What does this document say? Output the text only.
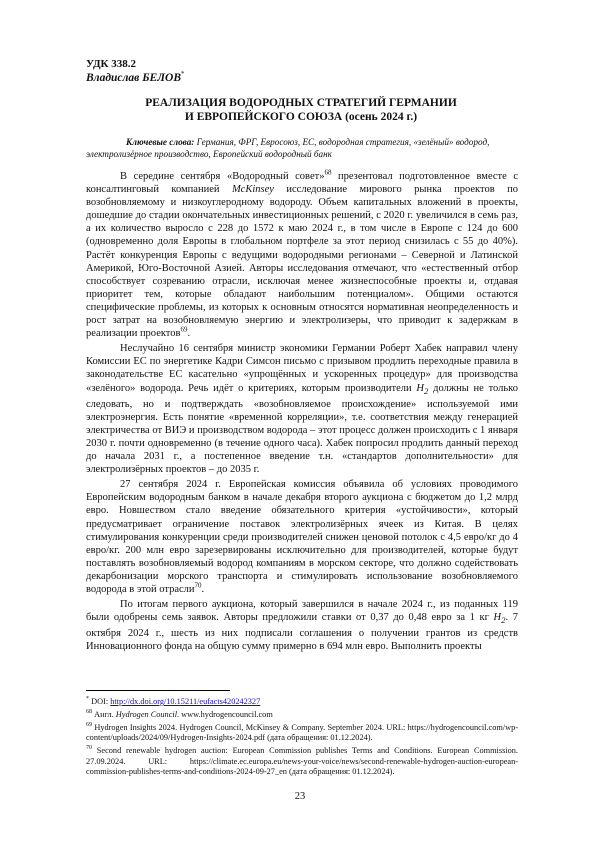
УДК 338.2
Владислав БЕЛОВ*
РЕАЛИЗАЦИЯ ВОДОРОДНЫХ СТРАТЕГИЙ ГЕРМАНИИ
И ЕВРОПЕЙСКОГО СОЮЗА (осень 2024 г.)
Ключевые слова: Германия, ФРГ, Евросоюз, ЕС, водородная стратегия, «зелёный» водород, электролизёрное производство, Европейский водородный банк

В середине сентября «Водородный совет»$^{68}$ презентовал подготовленное вместе с консалтинговый компанией McKinsey исследование мирового рынка проектов по возобновляемому и низкоуглеродному водороду. Объем капитальных вложений в проекты, дошедшие до стадии окончательных инвестиционных решений, с 2020 г. увеличился в семь раз, а их количество выросло с 228 до 1572 к маю 2024 г., в том числе в Европе с 124 до 600 (одновременно доля Европы в глобальном портфеле за этот период снизилась с 55 до 40%). Растёт конкуренция Европы с ведущими водородными регионами – Северной и Латинской Америкой, Юго-Восточной Азией. Авторы исследования отмечают, что «естественный отбор способствует созреванию отрасли, исключая менее жизнеспособные проекты и, отдавая приоритет тем, которые обладают наибольшим потенциалом». Общими остаются специфические проблемы, из которых к основным относятся нормативная неопределенность и рост затрат на возобновляемую энергию и электролизеры, что приводит к задержкам в реализации проектов$^{69}$.

Неслучайно 16 сентября министр экономики Германии Роберт Хабек направил члену Комиссии ЕС по энергетике Кадри Симсон письмо с призывом продлить переходные правила в законодательстве ЕС касательно «упрощённых и ускоренных процедур» для производства «зелёного» водорода. Речь идёт о критериях, которым производители $H_2$ должны не только следовать, но и подтверждать «возобновляемое происхождение» используемой ими электроэнергия. Есть понятие «временной корреляции», т.е. соответствия между генерацией электричества от ВИЭ и производством водорода – этот процесс должен происходить с 1 января 2030 г. почти одновременно (в течение одного часа). Хабек попросил продлить данный переход до начала 2031 г., а постепенное введение т.н. «стандартов дополнительности» для электролизёрных проектов – до 2035 г.

27 сентября 2024 г. Европейская комиссия объявила об условиях проводимого Европейским водородным банком в начале декабря второго аукциона с бюджетом до 1,2 млрд евро. Новшеством стало введение обязательного критерия «устойчивости», который предусматривает ограничение поставок электролизёрных ячеек из Китая. В целях стимулирования конкуренции среди производителей снижен ценовой потолок с 4,5 евро/кг до 4 евро/кг. 200 млн евро зарезервированы исключительно для производителей, которые будут поставлять возобновляемый водород компаниям в морском секторе, что должно содействовать декарбонизации морского транспорта и стимулировать использование возобновляемого водорода в этой отрасли$^{70}$.

По итогам первого аукциона, который завершился в начале 2024 г., из поданных 119 были одобрены семь заявок. Авторы предложили ставки от 0,37 до 0,48 евро за 1 кг $H_2$. 7 октября 2024 г., шесть из них подписали соглашения о получении грантов из средств Инновационного фонда на общую сумму примерно в 694 млн евро. Выполнить проекты

* DOI: http://dx.doi.org/10.15211/eufacts420242327

$^{68}$ Англ. Hydrogen Council. www.hydrogencouncil.com

$^{69}$ Hydrogen Insights 2024. Hydrogen Council, McKinsey & Company. September 2024. URL: https://hydrogencouncil.com/wp-content/uploads/2024/09/Hydrogen-Insights-2024.pdf (дата обращения: 01.12.2024).

$^{70}$ Second renewable hydrogen auction: European Commission publishes Terms and Conditions. European Commission. 27.09.2024. URL: https://climate.ec.europa.eu/news-your-voice/news/second-renewable-hydrogen-auction-european-commission-publishes-terms-and-conditions-2024-09-27_en (дата обращения: 01.12.2024).

23
